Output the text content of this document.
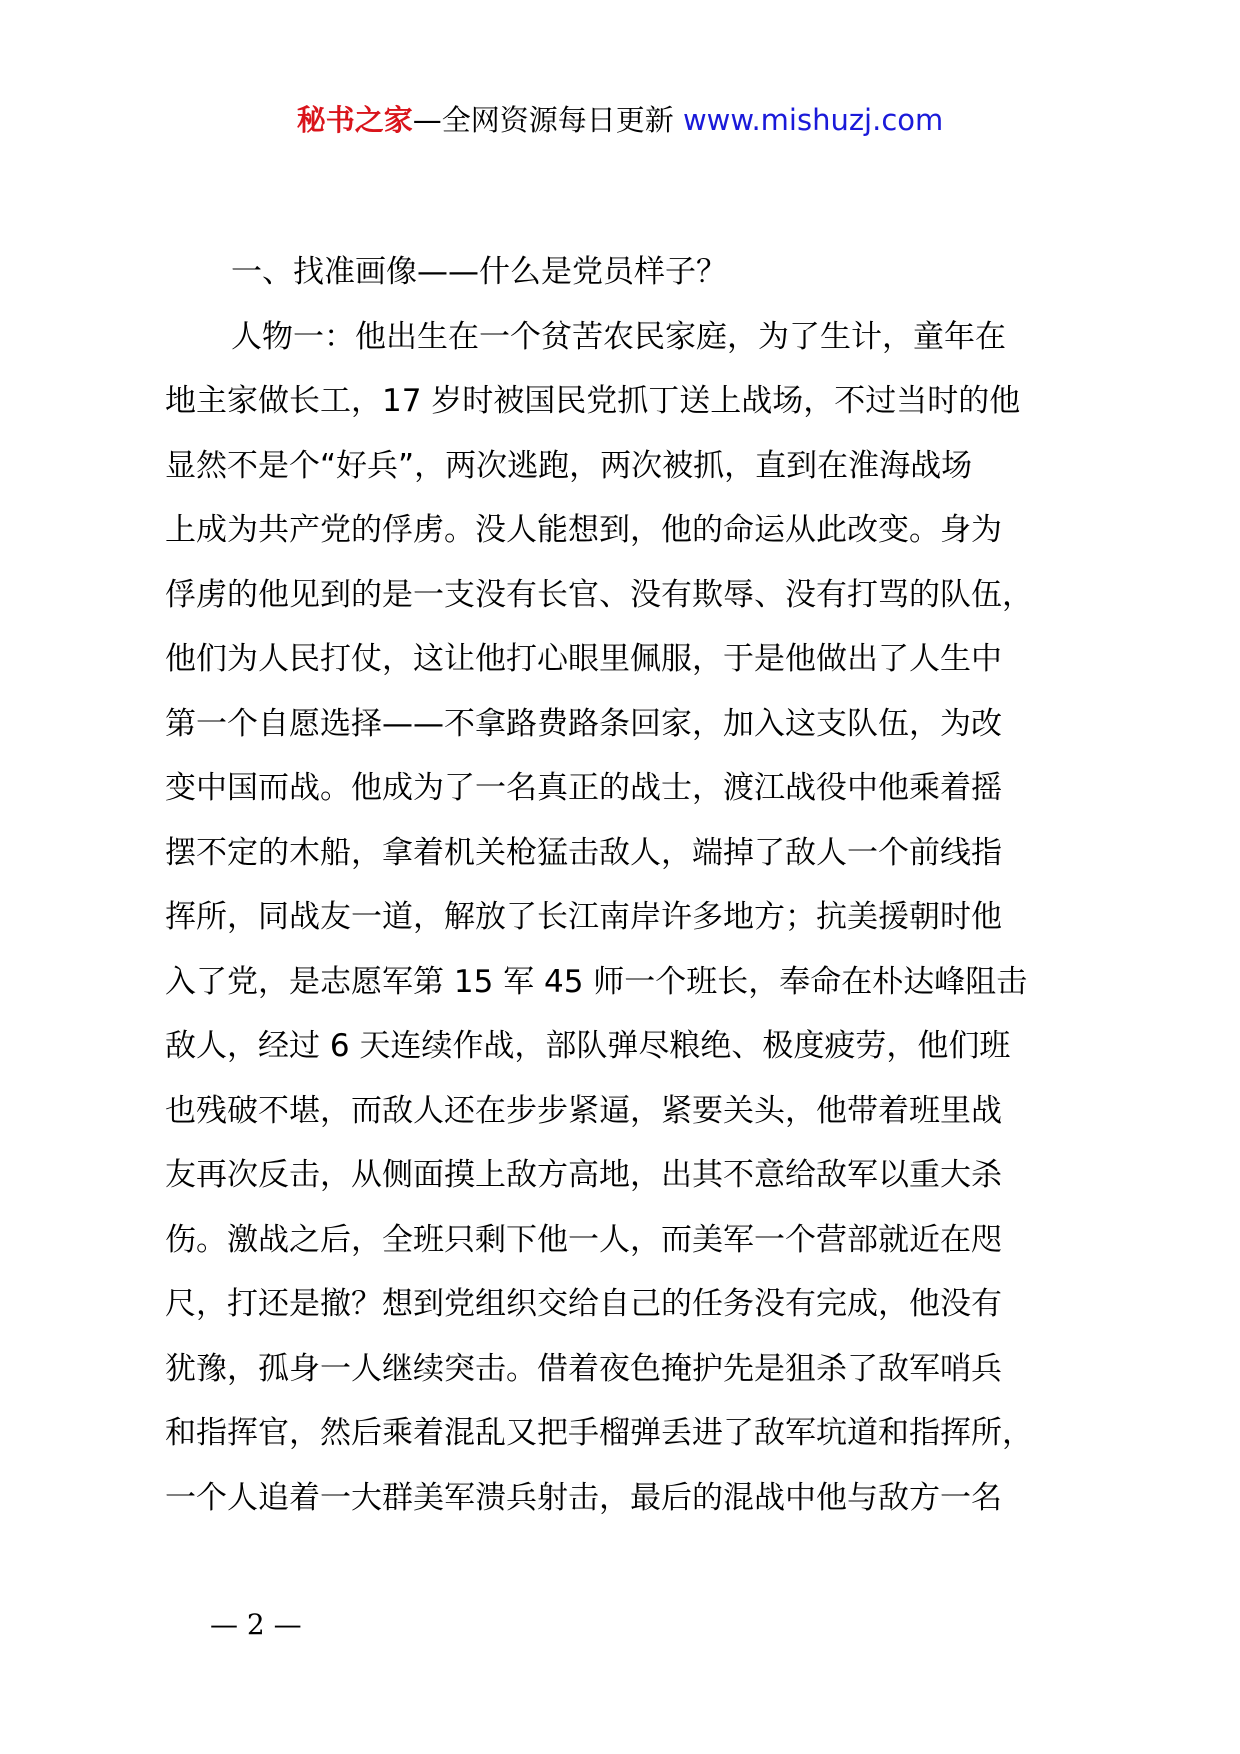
秘书之家—全网资源每日更新 www.mishuzj.com
一、找准画像——什么是党员样子？
人物一：他出生在一个贫苦农民家庭，为了生计，童年在
地主家做长工，17 岁时被国民党抓丁送上战场，不过当时的他
显然不是个“好兵”，两次逃跑，两次被抓，直到在淮海战场
上成为共产党的俘虏。没人能想到，他的命运从此改变。身为
俘虏的他见到的是一支没有长官、没有欺辱、没有打骂的队伍，
他们为人民打仗，这让他打心眼里佩服，于是他做出了人生中
第一个自愿选择——不拿路费路条回家，加入这支队伍，为改
变中国而战。他成为了一名真正的战士，渡江战役中他乘着摇
摆不定的木船，拿着机关枪猛击敌人，端掉了敌人一个前线指
挥所，同战友一道，解放了长江南岸许多地方；抗美援朝时他
入了党，是志愿军第 15 军 45 师一个班长，奉命在朴达峰阻击
敌人，经过 6 天连续作战，部队弹尽粮绝、极度疲劳，他们班
也残破不堪，而敌人还在步步紧逼，紧要关头，他带着班里战
友再次反击，从侧面摸上敌方高地，出其不意给敌军以重大杀
伤。激战之后，全班只剩下他一人，而美军一个营部就近在咫
尺，打还是撤？想到党组织交给自己的任务没有完成，他没有
犹豫，孤身一人继续突击。借着夜色掩护先是狙杀了敌军哨兵
和指挥官，然后乘着混乱又把手榴弹丢进了敌军坑道和指挥所，
一个人追着一大群美军溃兵射击，最后的混战中他与敌方一名
— 2 —
